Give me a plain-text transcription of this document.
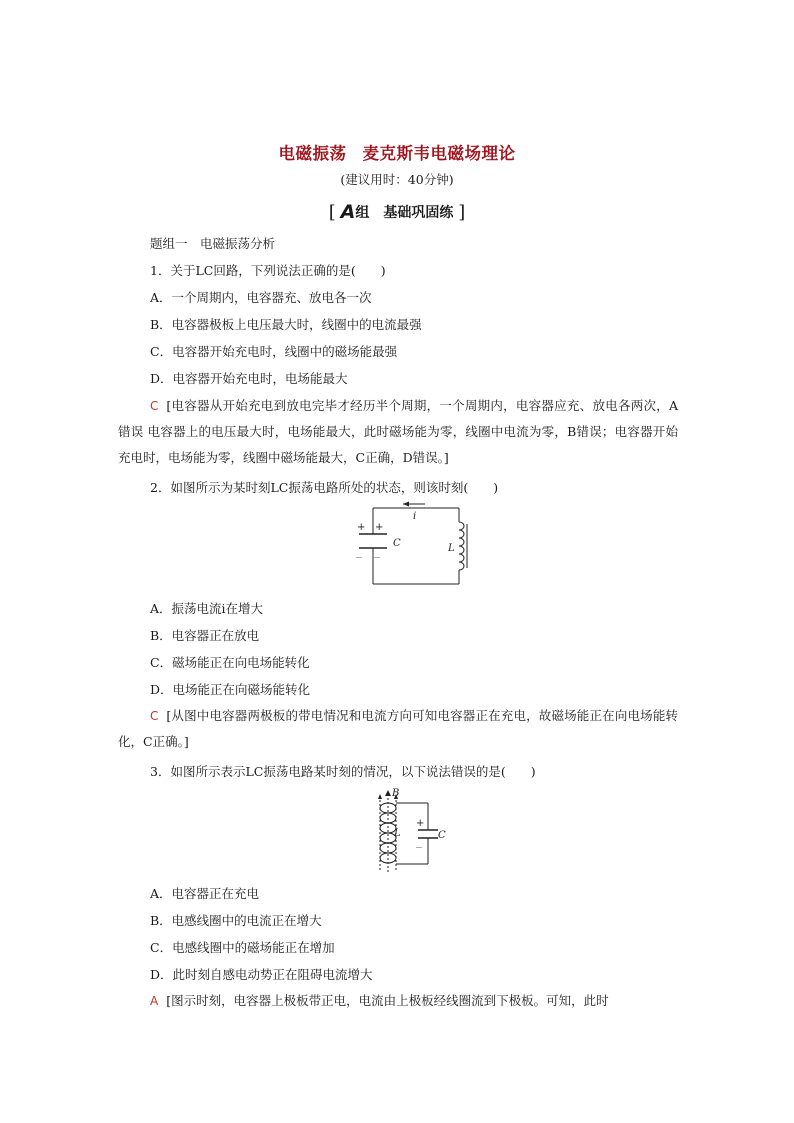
电磁振荡 麦克斯韦电磁场理论
(建议用时：40分钟)
[ A组　基础巩固练 ]
题组一　电磁振荡分析
1．关于LC回路，下列说法正确的是(　　)
A．一个周期内，电容器充、放电各一次
B．电容器极板上电压最大时，线圈中的电流最强
C．电容器开始充电时，线圈中的磁场能最强
D．电容器开始充电时，电场能最大
C [电容器从开始充电到放电完毕才经历半个周期，一个周期内，电容器应充、放电各两次，A错误 电容器上的电压最大时，电场能最大，此时磁场能为零，线圈中电流为零，B错误；电容器开始充电时，电场能为零，线圈中磁场能最大，C正确，D错误。]
2．如图所示为某时刻LC振荡电路所处的状态，则该时刻(　　)
i
+ +
－ －
C	L
A．振荡电流i在增大
B．电容器正在放电
C．磁场能正在向电场能转化
D．电场能正在向磁场能转化
C [从图中电容器两极板的带电情况和电流方向可知电容器正在充电，故磁场能正在向电场能转化，C正确。]
3．如图所示表示LC振荡电路某时刻的情况，以下说法错误的是(　　)
B
L
+
－
C
A．电容器正在充电
B．电感线圈中的电流正在增大
C．电感线圈中的磁场能正在增加
D．此时刻自感电动势正在阻碍电流增大
A [图示时刻，电容器上极板带正电，电流由上极板经线圈流到下极板。可知，此时
